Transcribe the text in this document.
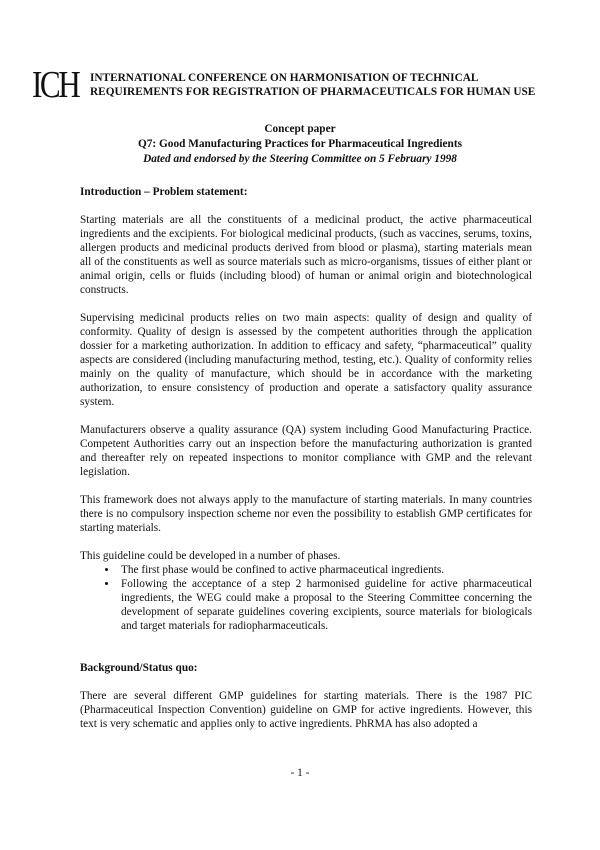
ICH INTERNATIONAL CONFERENCE ON HARMONISATION OF TECHNICAL
REQUIREMENTS FOR REGISTRATION OF PHARMACEUTICALS FOR HUMAN USE
Concept paper
Q7: Good Manufacturing Practices for Pharmaceutical Ingredients
Dated and endorsed by the Steering Committee on 5 February 1998

Introduction – Problem statement:

Starting materials are all the constituents of a medicinal product, the active pharmaceutical ingredients and the excipients. For biological medicinal products, (such as vaccines, serums, toxins, allergen products and medicinal products derived from blood or plasma), starting materials mean all of the constituents as well as source materials such as micro-organisms, tissues of either plant or animal origin, cells or fluids (including blood) of human or animal origin and biotechnological constructs.

Supervising medicinal products relies on two main aspects: quality of design and quality of conformity. Quality of design is assessed by the competent authorities through the application dossier for a marketing authorization. In addition to efficacy and safety, “pharmaceutical” quality aspects are considered (including manufacturing method, testing, etc.). Quality of conformity relies mainly on the quality of manufacture, which should be in accordance with the marketing authorization, to ensure consistency of production and operate a satisfactory quality assurance system.

Manufacturers observe a quality assurance (QA) system including Good Manufacturing Practice. Competent Authorities carry out an inspection before the manufacturing authorization is granted and thereafter rely on repeated inspections to monitor compliance with GMP and the relevant legislation.

This framework does not always apply to the manufacture of starting materials. In many countries there is no compulsory inspection scheme nor even the possibility to establish GMP certificates for starting materials.

This guideline could be developed in a number of phases.

• The first phase would be confined to active pharmaceutical ingredients.
• Following the acceptance of a step 2 harmonised guideline for active pharmaceutical ingredients, the WEG could make a proposal to the Steering Committee concerning the development of separate guidelines covering excipients, source materials for biologicals and target materials for radiopharmaceuticals.

Background/Status quo:

There are several different GMP guidelines for starting materials. There is the 1987 PIC (Pharmaceutical Inspection Convention) guideline on GMP for active ingredients. However, this text is very schematic and applies only to active ingredients. PhRMA has also adopted a

- 1 -
